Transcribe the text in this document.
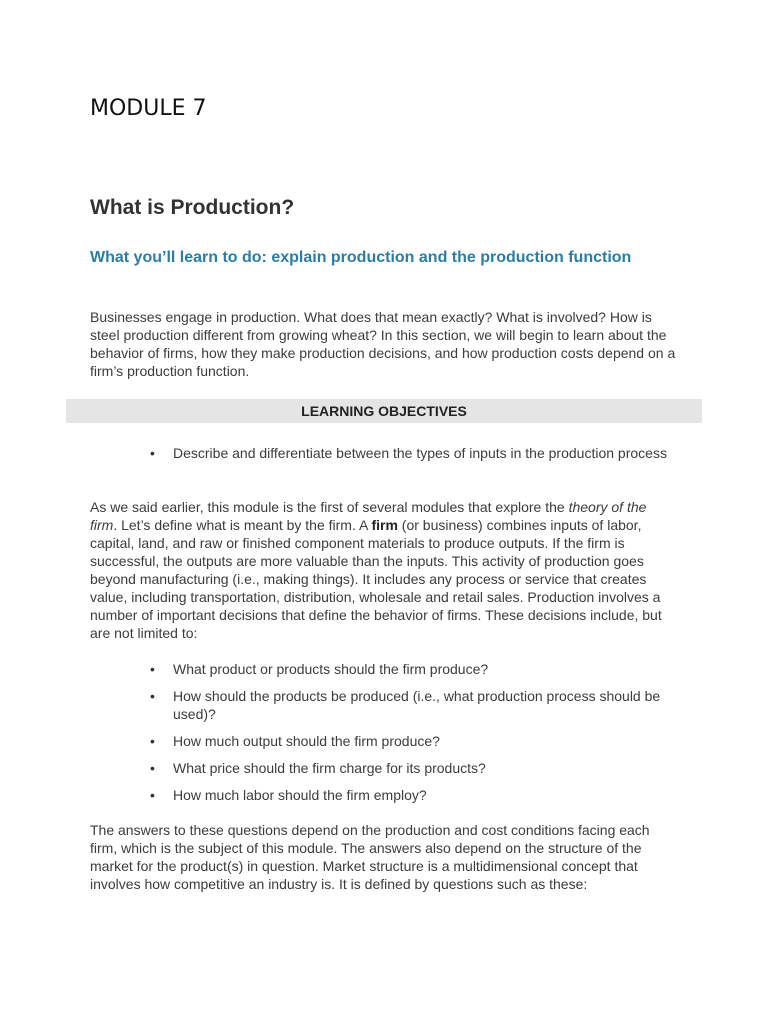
MODULE 7
What is Production?
What you’ll learn to do: explain production and the production function

Businesses engage in production. What does that mean exactly? What is involved? How is steel production different from growing wheat? In this section, we will begin to learn about the behavior of firms, how they make production decisions, and how production costs depend on a firm’s production function.

LEARNING OBJECTIVES
•	Describe and differentiate between the types of inputs in the production process

As we said earlier, this module is the first of several modules that explore the theory of the firm. Let’s define what is meant by the firm. A firm (or business) combines inputs of labor, capital, land, and raw or finished component materials to produce outputs. If the firm is successful, the outputs are more valuable than the inputs. This activity of production goes beyond manufacturing (i.e., making things). It includes any process or service that creates value, including transportation, distribution, wholesale and retail sales. Production involves a number of important decisions that define the behavior of firms. These decisions include, but are not limited to:

•	What product or products should the firm produce?
•	How should the products be produced (i.e., what production process should be used)?
•	How much output should the firm produce?
•	What price should the firm charge for its products?
•	How much labor should the firm employ?

The answers to these questions depend on the production and cost conditions facing each firm, which is the subject of this module. The answers also depend on the structure of the market for the product(s) in question. Market structure is a multidimensional concept that involves how competitive an industry is. It is defined by questions such as these:
